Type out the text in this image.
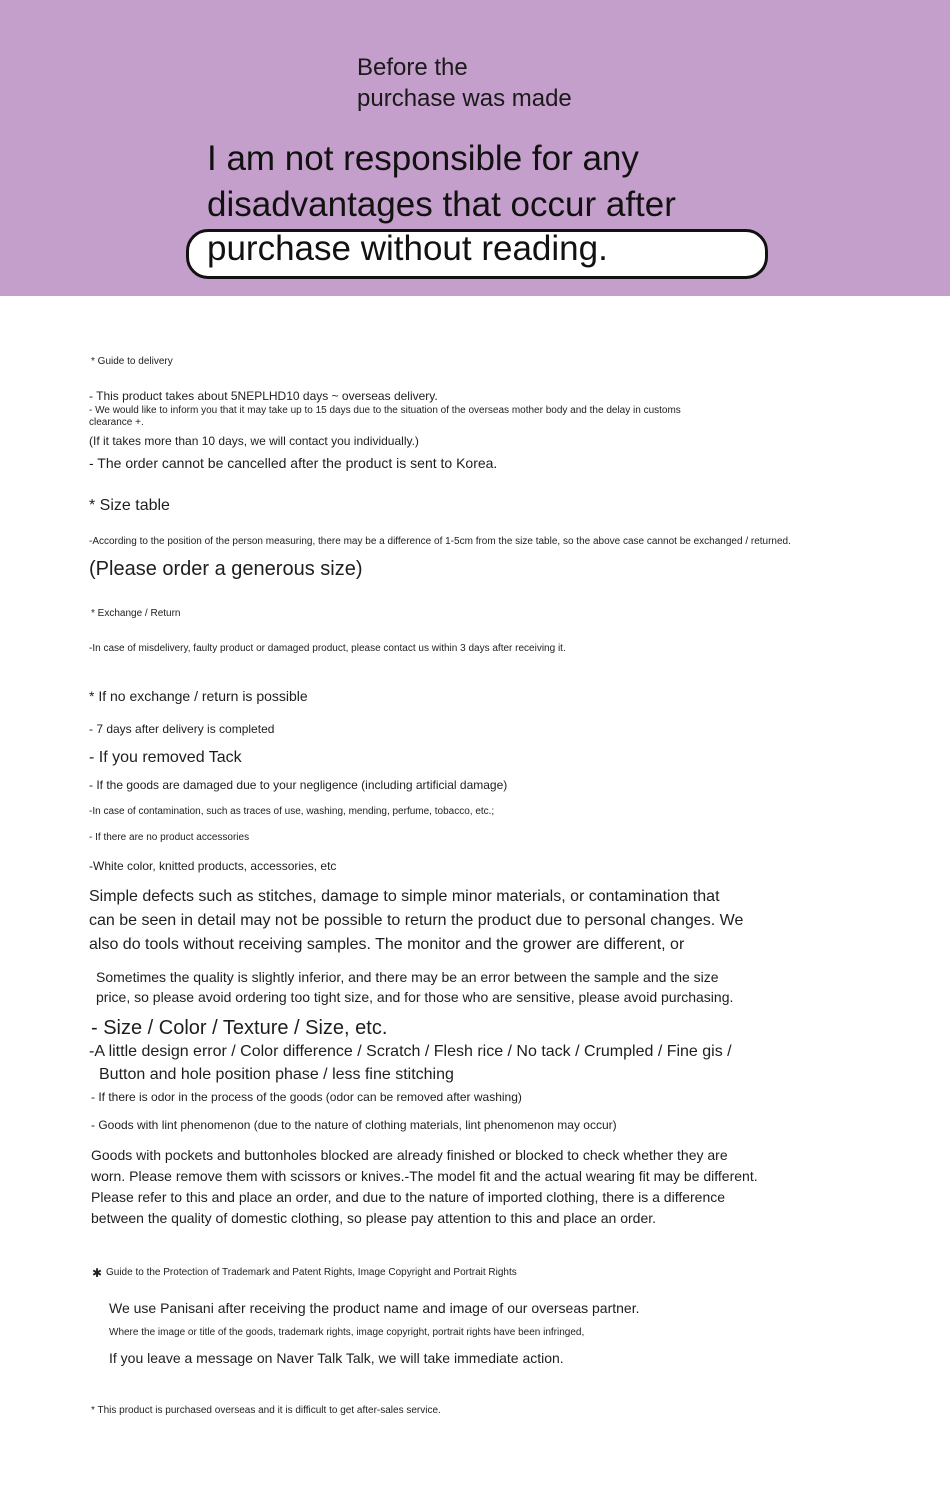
Before the
purchase was made
I am not responsible for any
disadvantages that occur after
purchase without reading.
* Guide to delivery
- This product takes about 5NEPLHD10 days ~ overseas delivery.
- We would like to inform you that it may take up to 15 days due to the situation of the overseas mother body and the delay in customs
clearance +.
(If it takes more than 10 days, we will contact you individually.)
- The order cannot be cancelled after the product is sent to Korea.
* Size table
-According to the position of the person measuring, there may be a difference of 1-5cm from the size table, so the above case cannot be exchanged / returned.
(Please order a generous size)
* Exchange / Return
-In case of misdelivery, faulty product or damaged product, please contact us within 3 days after receiving it.
* If no exchange / return is possible
- 7 days after delivery is completed
- If you removed Tack
- If the goods are damaged due to your negligence (including artificial damage)
-In case of contamination, such as traces of use, washing, mending, perfume, tobacco, etc.;
- If there are no product accessories
-White color, knitted products, accessories, etc
Simple defects such as stitches, damage to simple minor materials, or contamination that
can be seen in detail may not be possible to return the product due to personal changes. We
also do tools without receiving samples. The monitor and the grower are different, or
Sometimes the quality is slightly inferior, and there may be an error between the sample and the size
price, so please avoid ordering too tight size, and for those who are sensitive, please avoid purchasing.
- Size / Color / Texture / Size, etc.
-A little design error / Color difference / Scratch / Flesh rice / No tack / Crumpled / Fine gis /
Button and hole position phase / less fine stitching
- If there is odor in the process of the goods (odor can be removed after washing)
- Goods with lint phenomenon (due to the nature of clothing materials, lint phenomenon may occur)
Goods with pockets and buttonholes blocked are already finished or blocked to check whether they are
worn. Please remove them with scissors or knives.-The model fit and the actual wearing fit may be different.
Please refer to this and place an order, and due to the nature of imported clothing, there is a difference
between the quality of domestic clothing, so please pay attention to this and place an order.
✱ Guide to the Protection of Trademark and Patent Rights, Image Copyright and Portrait Rights
We use Panisani after receiving the product name and image of our overseas partner.
Where the image or title of the goods, trademark rights, image copyright, portrait rights have been infringed,
If you leave a message on Naver Talk Talk, we will take immediate action.
* This product is purchased overseas and it is difficult to get after-sales service.
